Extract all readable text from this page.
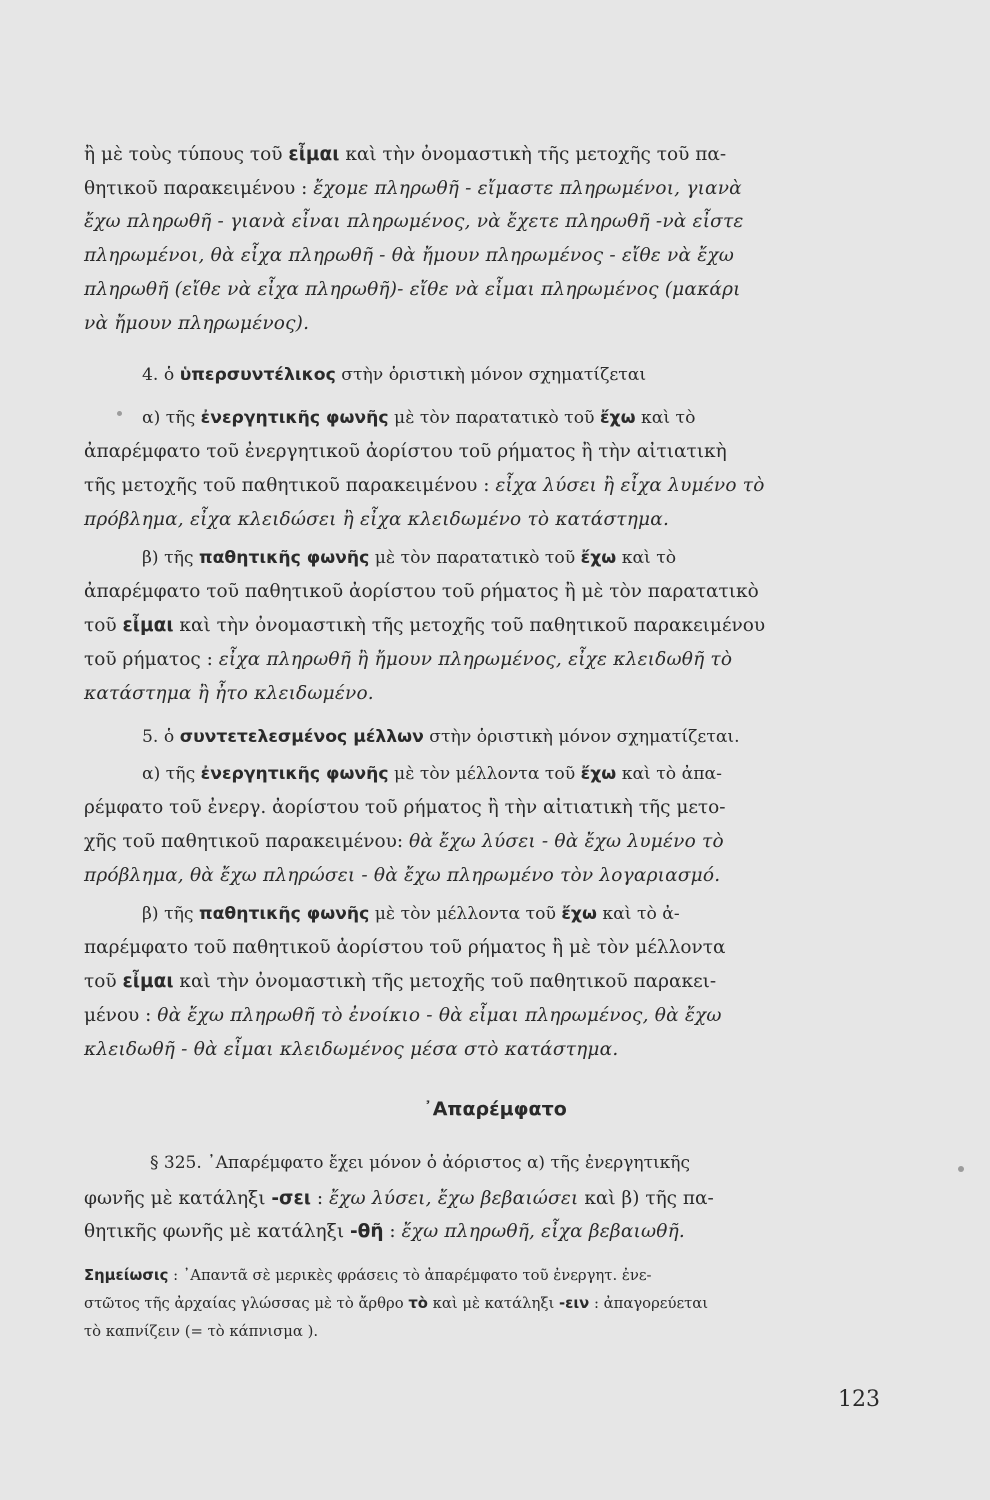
ἢ μὲ τοὺς τύπους τοῦ εἶμαι καὶ τὴν ὀνομαστικὴ τῆς μετοχῆς τοῦ πα-

θητικοῦ παρακειμένου : ἔχομε πληρωθῆ - εἴμαστε πληρωμένοι, γιανὰ

ἔχω πληρωθῆ - γιανὰ εἶναι πληρωμένος, νὰ ἔχετε πληρωθῆ -νὰ εἶστε

πληρωμένοι, θὰ εἶχα πληρωθῆ - θὰ ἤμουν πληρωμένος - εἴθε νὰ ἔχω

πληρωθῆ (εἴθε νὰ εἶχα πληρωθῆ)- εἴθε νὰ εἶμαι πληρωμένος (μακάρι

νὰ ἤμουν πληρωμένος).

4. ὁ ὑπερσυντέλικος στὴν ὁριστικὴ μόνον σχηματίζεται

α) τῆς ἐνεργητικῆς φωνῆς μὲ τὸν παρατατικὸ τοῦ ἔχω καὶ τὸ

ἀπαρέμφατο τοῦ ἐνεργητικοῦ ἀορίστου τοῦ ρήματος ἢ τὴν αἰτιατικὴ

τῆς μετοχῆς τοῦ παθητικοῦ παρακειμένου : εἶχα λύσει ἢ εἶχα λυμένο τὸ

πρόβλημα, εἶχα κλειδώσει ἢ εἶχα κλειδωμένο τὸ κατάστημα.

β) τῆς παθητικῆς φωνῆς μὲ τὸν παρατατικὸ τοῦ ἔχω καὶ τὸ

ἀπαρέμφατο τοῦ παθητικοῦ ἀορίστου τοῦ ρήματος ἢ μὲ τὸν παρατατικὸ

τοῦ εἶμαι καὶ τὴν ὀνομαστικὴ τῆς μετοχῆς τοῦ παθητικοῦ παρακειμένου

τοῦ ρήματος : εἶχα πληρωθῆ ἢ ἤμουν πληρωμένος, εἶχε κλειδωθῆ τὸ

κατάστημα ἢ ἦτο κλειδωμένο.

5. ὁ συντετελεσμένος μέλλων στὴν ὁριστικὴ μόνον σχηματίζεται.

α) τῆς ἐνεργητικῆς φωνῆς μὲ τὸν μέλλοντα τοῦ ἔχω καὶ τὸ ἀπα-

ρέμφατο τοῦ ἐνεργ. ἀορίστου τοῦ ρήματος ἢ τὴν αἰτιατικὴ τῆς μετο-

χῆς τοῦ παθητικοῦ παρακειμένου: θὰ ἔχω λύσει - θὰ ἔχω λυμένο τὸ

πρόβλημα, θὰ ἔχω πληρώσει - θὰ ἔχω πληρωμένο τὸν λογαριασμό.

β) τῆς παθητικῆς φωνῆς μὲ τὸν μέλλοντα τοῦ ἔχω καὶ τὸ ἀ-

παρέμφατο τοῦ παθητικοῦ ἀορίστου τοῦ ρήματος ἢ μὲ τὸν μέλλοντα

τοῦ εἶμαι καὶ τὴν ὀνομαστικὴ τῆς μετοχῆς τοῦ παθητικοῦ παρακει-

μένου : θὰ ἔχω πληρωθῆ τὸ ἐνοίκιο - θὰ εἶμαι πληρωμένος, θὰ ἔχω

κλειδωθῆ - θὰ εἶμαι κλειδωμένος μέσα στὸ κατάστημα.

᾿Απαρέμφατο

§ 325. ᾿Απαρέμφατο ἔχει μόνον ὁ ἀόριστος α) τῆς ἐνεργητικῆς

φωνῆς μὲ κατάληξι -σει : ἔχω λύσει, ἔχω βεβαιώσει καὶ β) τῆς πα-

θητικῆς φωνῆς μὲ κατάληξι -θῆ : ἔχω πληρωθῆ, εἶχα βεβαιωθῆ.

Σημείωσις : ᾿Απαντᾶ σὲ μερικὲς φράσεις τὸ ἀπαρέμφατο τοῦ ἐνεργητ. ἐνε-
στῶτος τῆς ἀρχαίας γλώσσας μὲ τὸ ἄρθρο τὸ καὶ μὲ κατάληξι -ειν : ἀπαγορεύεται
τὸ καπνίζειν (= τὸ κάπνισμα ).
123
